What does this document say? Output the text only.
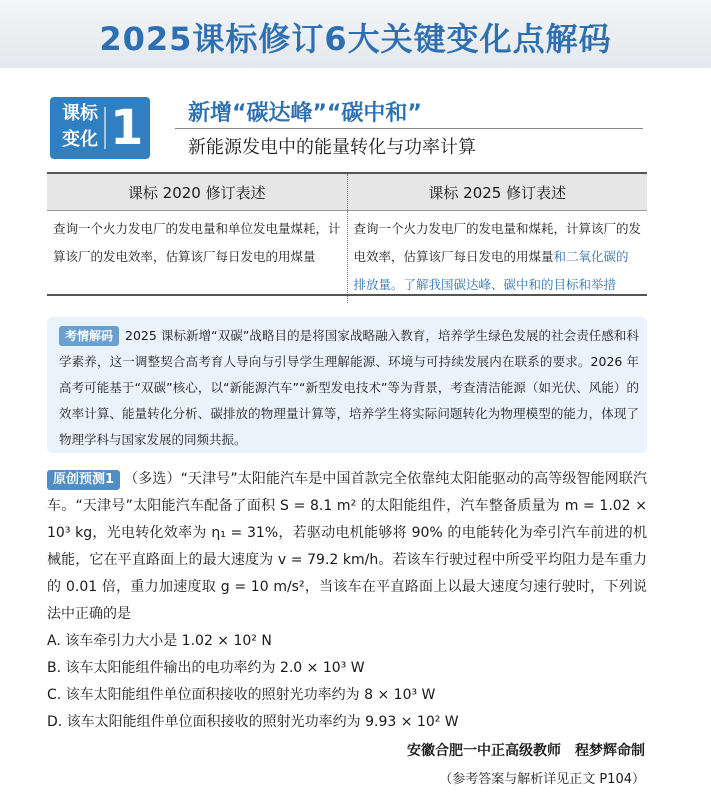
2025课标修订6大关键变化点解码
课标变化 1 新增“碳达峰”“碳中和”
新能源发电中的能量转化与功率计算
课标 2020 修订表述	课标 2025 修订表述
查询一个火力发电厂的发电量和单位发电量煤耗，计算该厂的发电效率，估算该厂每日发电的用煤量	查询一个火力发电厂的发电量和煤耗，计算该厂的发电效率，估算该厂每日发电的用煤量和二氧化碳的排放量。了解我国碳达峰、碳中和的目标和举措
考情解码 2025 课标新增“双碳”战略目的是将国家战略融入教育，培养学生绿色发展的社会责任感和科学素养，这一调整契合高考育人导向与引导学生理解能源、环境与可持续发展内在联系的要求。2026 年高考可能基于“双碳”核心，以“新能源汽车”“新型发电技术”等为背景，考查清洁能源（如光伏、风能）的效率计算、能量转化分析、碳排放的物理量计算等，培养学生将实际问题转化为物理模型的能力，体现了物理学科与国家发展的同频共振。
原创预测1 （多选）“天津号”太阳能汽车是中国首款完全依靠纯太阳能驱动的高等级智能网联汽车。“天津号”太阳能汽车配备了面积 S = 8.1 m² 的太阳能组件，汽车整备质量为 m = 1.02 × 10³ kg，光电转化效率为 η₁ = 31%，若驱动电机能够将 90% 的电能转化为牵引汽车前进的机械能，它在平直路面上的最大速度为 v = 79.2 km/h。若该车行驶过程中所受平均阻力是车重力的 0.01 倍，重力加速度取 g = 10 m/s²，当该车在平直路面上以最大速度匀速行驶时，下列说法中正确的是
A. 该车牵引力大小是 1.02 × 10² N
B. 该车太阳能组件输出的电功率约为 2.0 × 10³ W
C. 该车太阳能组件单位面积接收的照射光功率约为 8 × 10³ W
D. 该车太阳能组件单位面积接收的照射光功率约为 9.93 × 10² W
安徽合肥一中正高级教师　程梦辉命制
（参考答案与解析详见正文 P104）
